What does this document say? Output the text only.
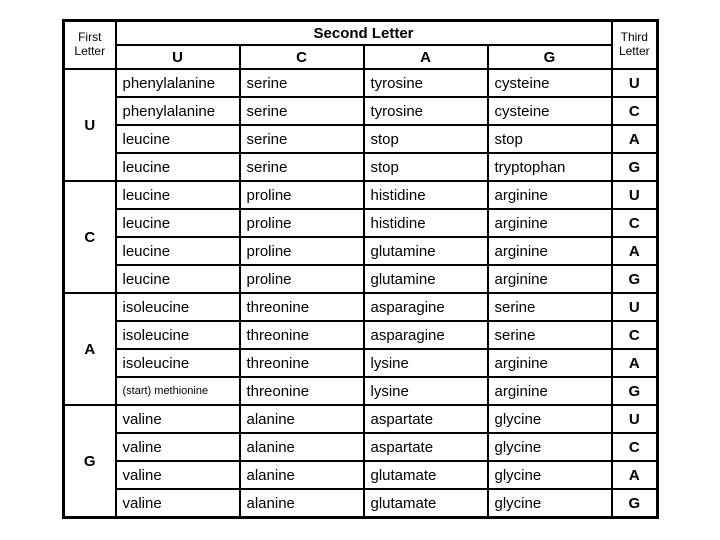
First Letter	Second Letter				Third Letter
	U	C	A	G	
U	phenylalanine	serine	tyrosine	cysteine	U
	phenylalanine	serine	tyrosine	cysteine	C
	leucine	serine	stop	stop	A
	leucine	serine	stop	tryptophan	G
C	leucine	proline	histidine	arginine	U
	leucine	proline	histidine	arginine	C
	leucine	proline	glutamine	arginine	A
	leucine	proline	glutamine	arginine	G
A	isoleucine	threonine	asparagine	serine	U
	isoleucine	threonine	asparagine	serine	C
	isoleucine	threonine	lysine	arginine	A
	(start) methionine	threonine	lysine	arginine	G
G	valine	alanine	aspartate	glycine	U
	valine	alanine	aspartate	glycine	C
	valine	alanine	glutamate	glycine	A
	valine	alanine	glutamate	glycine	G
